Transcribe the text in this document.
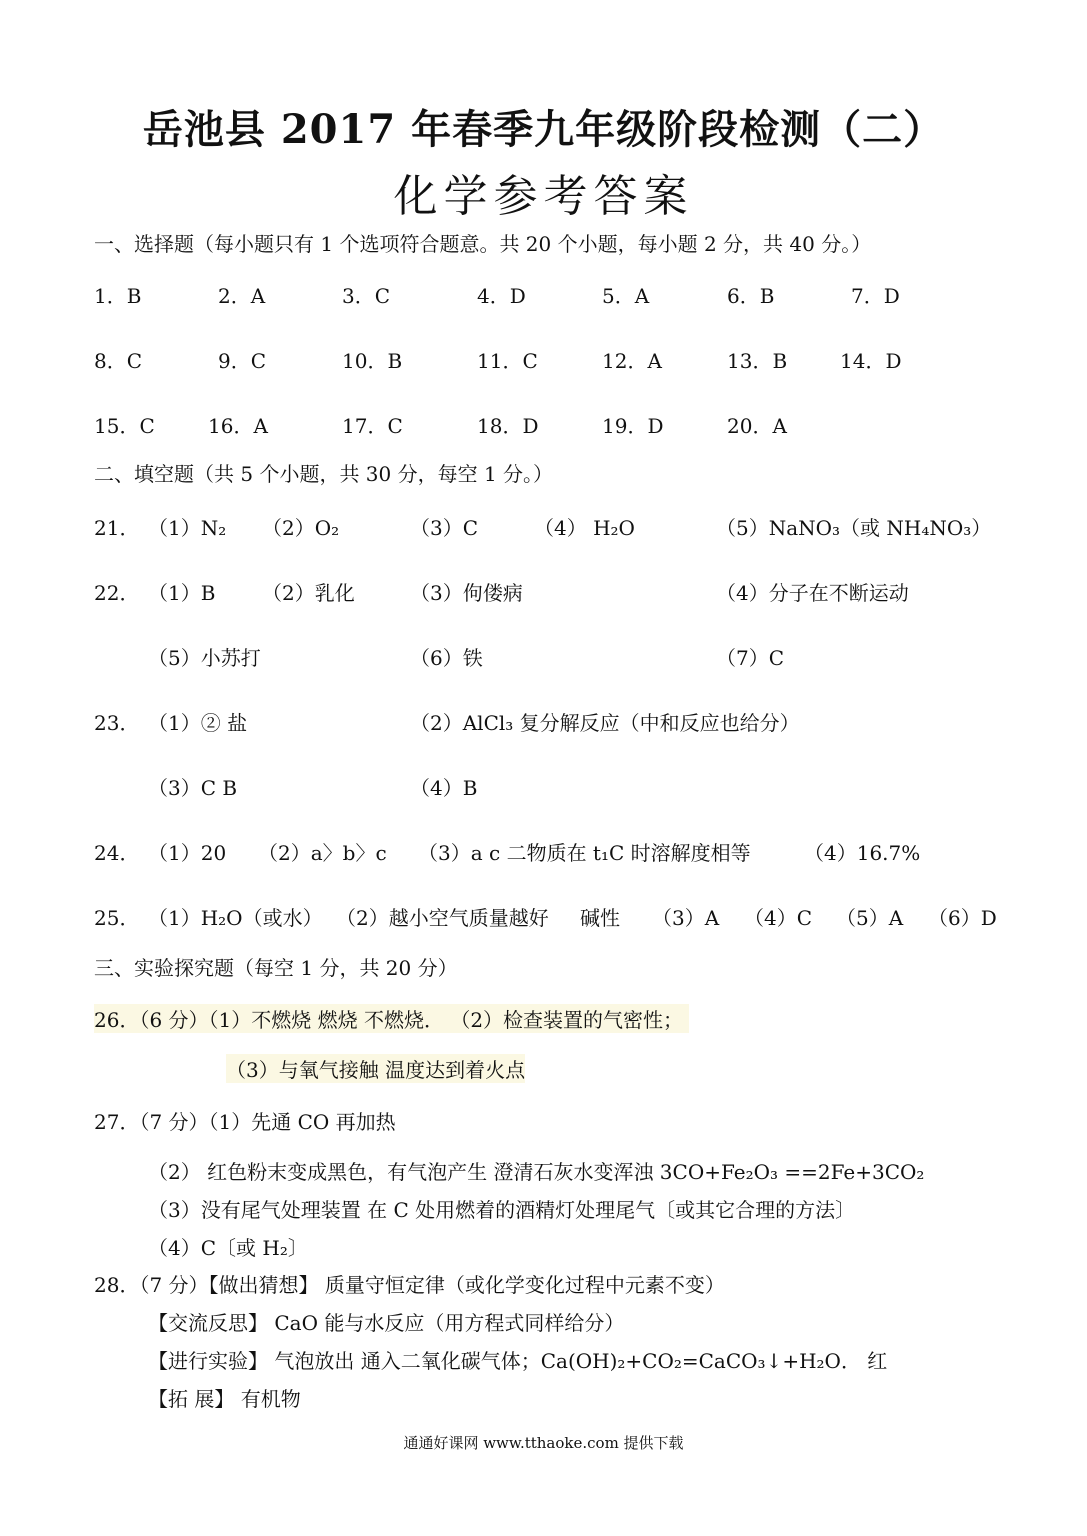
岳池县 2017 年春季九年级阶段检测（二）
化学参考答案
一、选择题（每小题只有 1 个选项符合题意。共 20 个小题，每小题 2 分，共 40 分。）
1．B	2．A	3．C	4．D	5．A	6．B	7．D
8．C	9．C	10．B	11．C	12．A	13．B	14．D
15．C	16．A	17．C	18．D	19．D	20．A
二、填空题（共 5 个小题，共 30 分，每空 1 分。）
21． （1）N₂ （2）O₂	（3）C	（4） H₂O	（5）NaNO₃（或 NH₄NO₃）
22． （1）B （2）乳化	（3）佝偻病	（4）分子在不断运动
（5）小苏打	（6）铁	（7）C
23． （1）② 盐	（2）AlCl₃ 复分解反应（中和反应也给分）
（3）C B	（4）B
24． （1）20 （2）a〉b〉c （3）a c 二物质在 t₁C 时溶解度相等	（4）16.7%
25． （1）H₂O（或水） （2）越小空气质量越好 碱性 （3）A （4）C （5）A （6）D
三、实验探究题（每空 1 分，共 20 分）
26．（6 分）（1）不燃烧 燃烧 不燃烧． （2）检查装置的气密性；
（3）与氧气接触 温度达到着火点
27．（7 分）（1）先通 CO 再加热
（2） 红色粉末变成黑色，有气泡产生 澄清石灰水变浑浊 3CO+Fe₂O₃ ==2Fe+3CO₂
（3）没有尾气处理装置 在 C 处用燃着的酒精灯处理尾气〔或其它合理的方法〕
（4）C〔或 H₂〕
28．（7 分）【做出猜想】 质量守恒定律（或化学变化过程中元素不变）
【交流反思】 CaO 能与水反应（用方程式同样给分）
【进行实验】 气泡放出 通入二氧化碳气体；Ca(OH)₂+CO₂=CaCO₃↓+H₂O． 红
【拓 展】 有机物
通通好课网 www.tthaoke.com 提供下载
